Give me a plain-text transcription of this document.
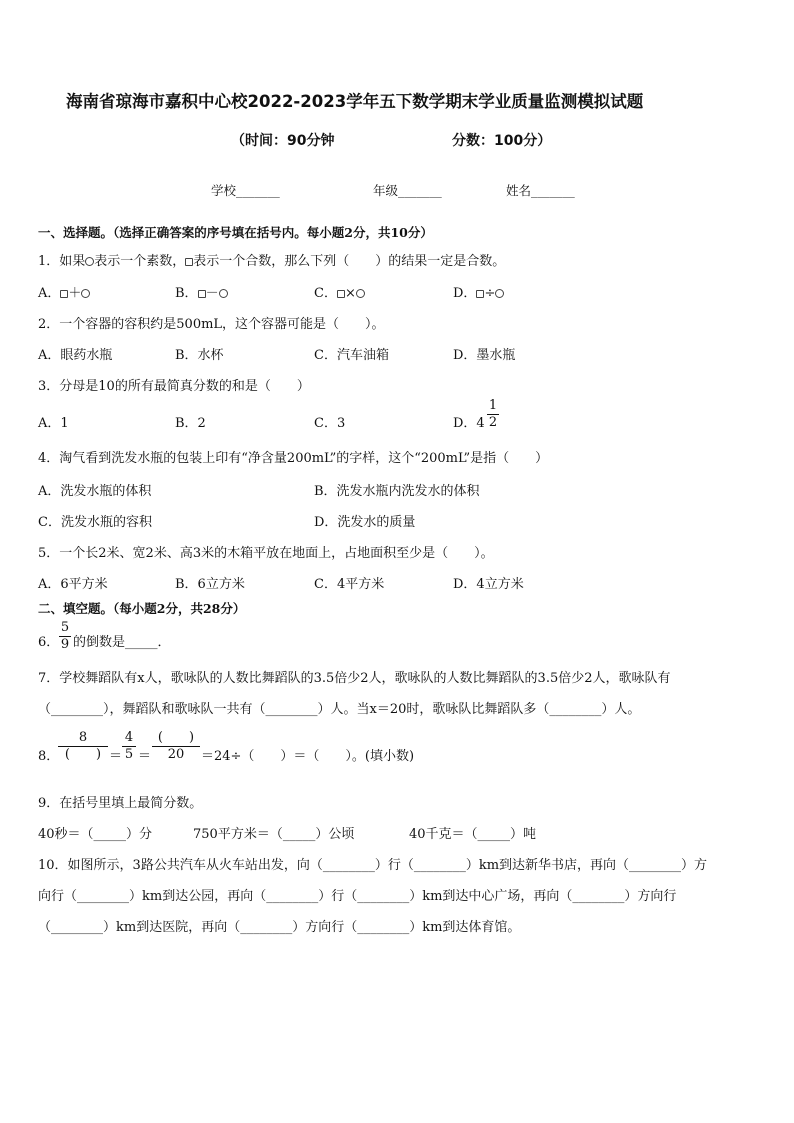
海南省琼海市嘉积中心校2022-2023学年五下数学期末学业质量监测模拟试题
（时间：90分钟	分数：100分）
学校_______	年级_______	姓名_______
一、选择题。（选择正确答案的序号填在括号内。每小题2分，共10分）
1．如果 表示一个素数， 表示一个合数，那么下列（　　）的结果一定是合数。
A． ＋	B． －	C． ×	D． ÷
2．一个容器的容积约是500mL，这个容器可能是（　　）。
A．眼药水瓶	B．水杯	C．汽车油箱	D．墨水瓶
3．分母是10的所有最简真分数的和是（　　）
A．1	B．2	C．3	D．4
1
2
4．淘气看到洗发水瓶的包装上印有“净含量200mL”的字样，这个“200mL”是指（　　）
A．洗发水瓶的体积	B．洗发水瓶内洗发水的体积
C．洗发水瓶的容积	D．洗发水的质量
5．一个长2米、宽2米、高3米的木箱平放在地面上，占地面积至少是（　　）。
A．6平方米	B．6立方米	C．4平方米	D．4立方米
二、填空题。（每小题2分，共28分）
6．
5
9 的倒数是_____．
7．学校舞蹈队有x人，歌咏队的人数比舞蹈队的3.5倍少2人，歌咏队的人数比舞蹈队的3.5倍少2人，歌咏队有
（________），舞蹈队和歌咏队一共有（________）人。当x＝20时，歌咏队比舞蹈队多（________）人。
8．
8
(　　) ＝
4
5 ＝
(　　)
20	＝24÷（　　）＝（　　）。(填小数)
9．在括号里填上最简分数。
40秒＝（_____）分	750平方米＝（_____）公顷	40千克＝（_____）吨
10．如图所示，3路公共汽车从火车站出发，向（________）行（________）km到达新华书店，再向（________）方
向行（________）km到达公园，再向（________）行（________）km到达中心广场，再向（________）方向行
（________）km到达医院，再向（________）方向行（________）km到达体育馆。
